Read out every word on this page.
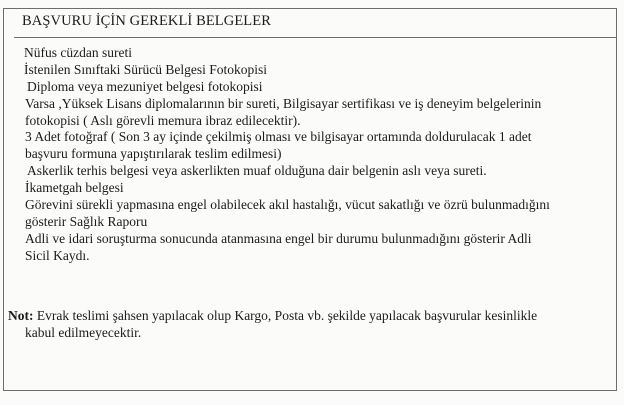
BAŞVURU İÇİN GEREKLİ BELGELER
Nüfus cüzdan sureti
İstenilen Sınıftaki Sürücü Belgesi Fotokopisi
Diploma veya mezuniyet belgesi fotokopisi
Varsa ,Yüksek Lisans diplomalarının bir sureti, Bilgisayar sertifikası ve iş deneyim belgelerinin
fotokopisi ( Aslı görevli memura ibraz edilecektir).
3 Adet fotoğraf ( Son 3 ay içinde çekilmiş olması ve bilgisayar ortamında doldurulacak 1 adet
başvuru formuna yapıştırılarak teslim edilmesi)
Askerlik terhis belgesi veya askerlikten muaf olduğuna dair belgenin aslı veya sureti.
İkametgah belgesi
Görevini sürekli yapmasına engel olabilecek akıl hastalığı, vücut sakatlığı ve özrü bulunmadığını
gösterir Sağlık Raporu
Adli ve idari soruşturma sonucunda atanmasına engel bir durumu bulunmadığını gösterir Adli
Sicil Kaydı.
Not: Evrak teslimi şahsen yapılacak olup Kargo, Posta vb. şekilde yapılacak başvurular kesinlikle
kabul edilmeyecektir.
